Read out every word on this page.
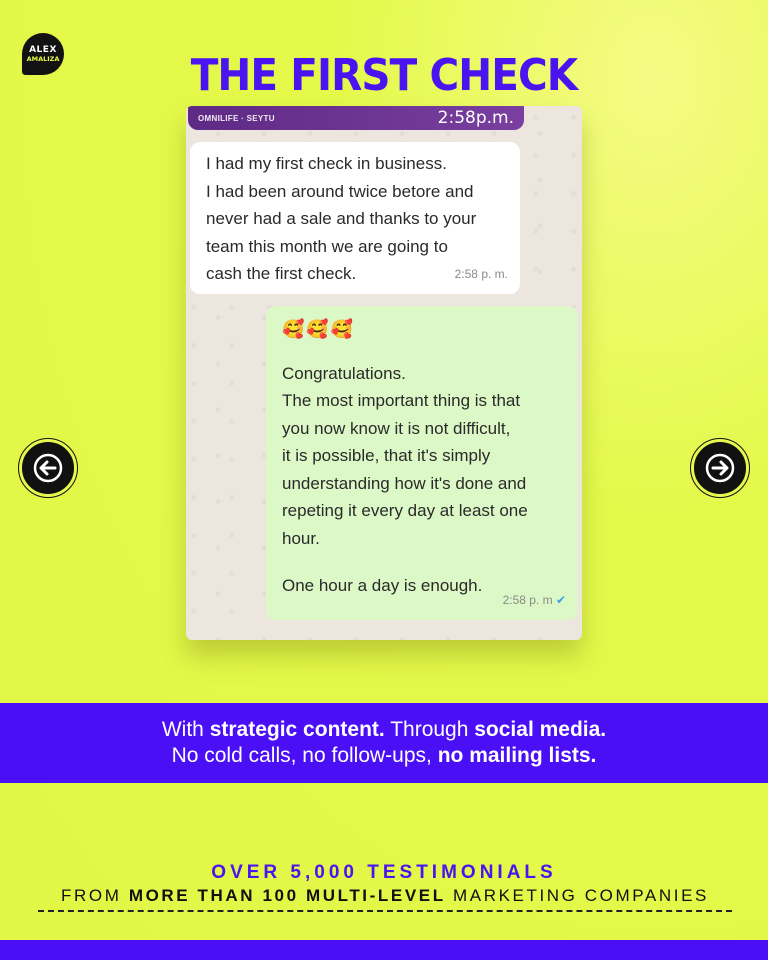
ALEX
AMALIZA	THE FIRST CHECK
OMNILIFE · SEYTU	2:58p.m.
I had my first check in business.
I had been around twice betore and
never had a sale and thanks to your
team this month we are going to
cash the first check.	2:58 p. m.
🥰🥰🥰
Congratulations.
The most important thing is that
you now know it is not difficult,
it is possible, that it's simply
understanding how it's done and
repeting it every day at least one
hour.
One hour a day is enough.
2:58 p. m ✔
With strategic content. Through social media.
No cold calls, no follow-ups, no mailing lists.
OVER 5,000 TESTIMONIALS
FROM MORE THAN 100 MULTI-LEVEL MARKETING COMPANIES
